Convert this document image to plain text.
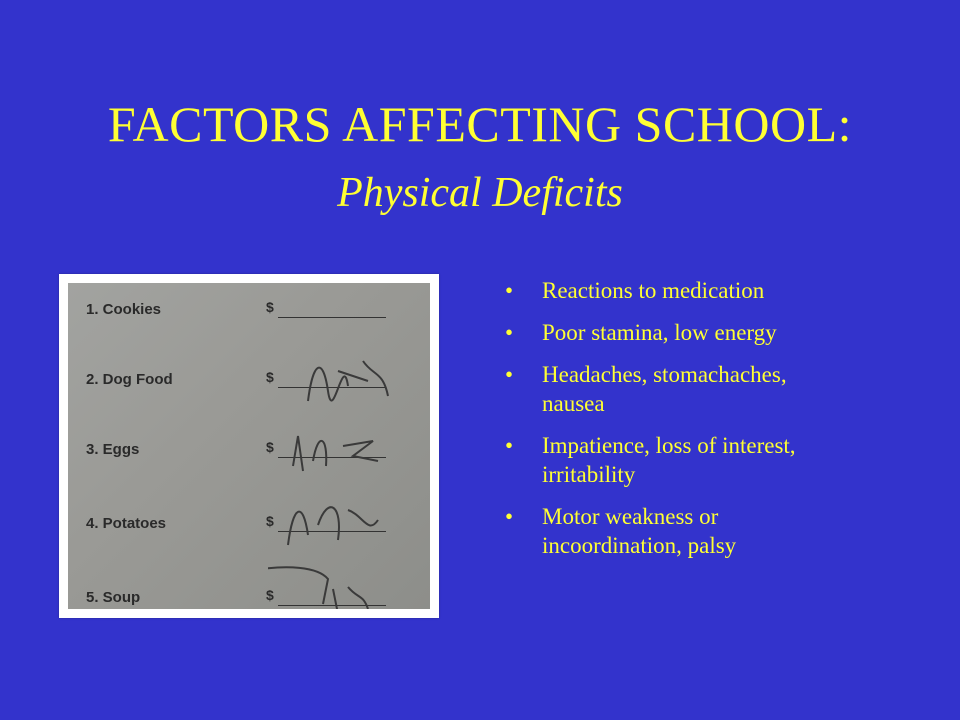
FACTORS AFFECTING SCHOOL:
Physical Deficits
1. Cookies	$
2. Dog Food	$
3. Eggs	$
4. Potatoes	$
5. Soup	$
• Reactions to medication
• Poor stamina, low energy
• Headaches, stomachaches,
nausea
• Impatience, loss of interest,
irritability
• Motor weakness or
incoordination, palsy
